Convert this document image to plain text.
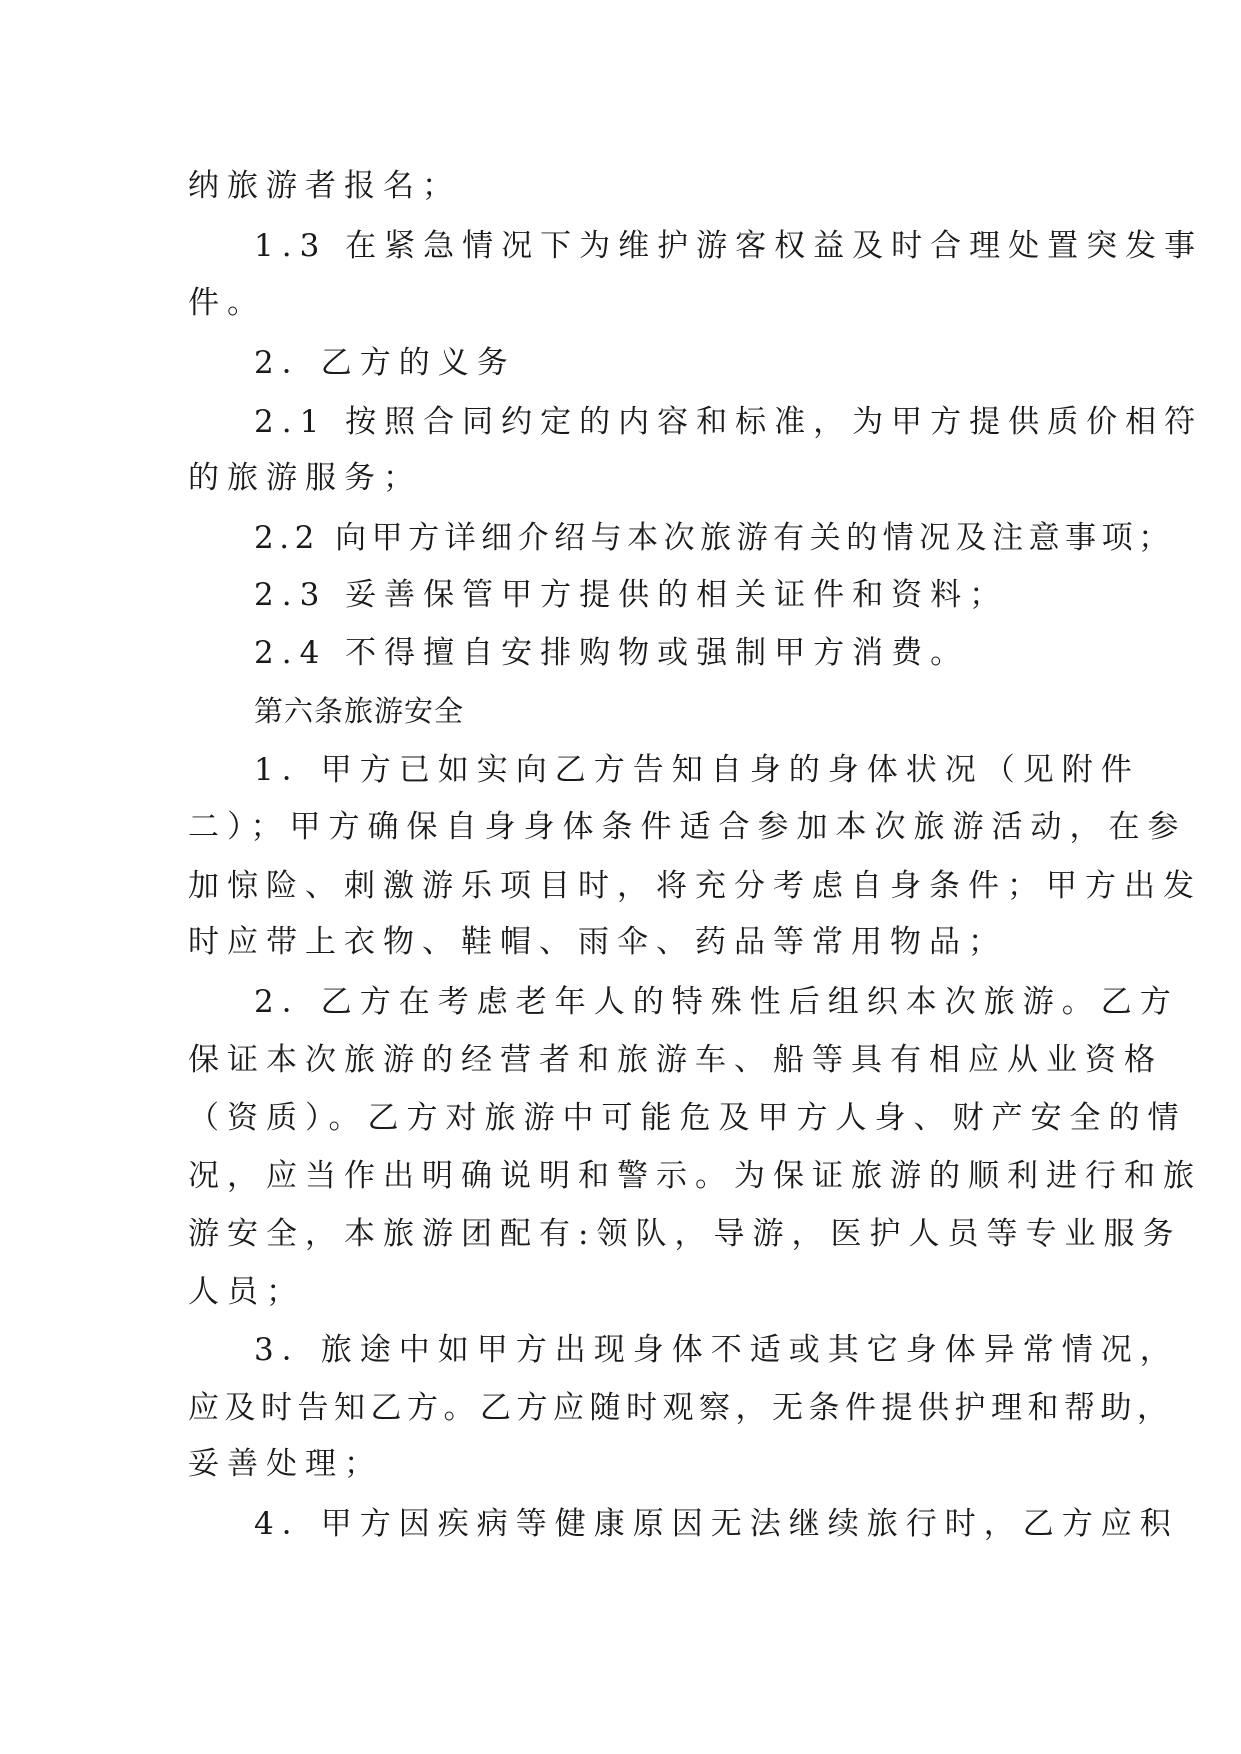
纳旅游者报名；
1.3 在紧急情况下为维护游客权益及时合理处置突发事
件。
2．乙方的义务
2.1 按照合同约定的内容和标准，为甲方提供质价相符
的旅游服务；
2.2 向甲方详细介绍与本次旅游有关的情况及注意事项；
2.3 妥善保管甲方提供的相关证件和资料；
2.4 不得擅自安排购物或强制甲方消费。
第六条旅游安全
1．甲方已如实向乙方告知自身的身体状况（见附件
二）；甲方确保自身身体条件适合参加本次旅游活动，在参
加惊险、刺激游乐项目时，将充分考虑自身条件；甲方出发
时应带上衣物、鞋帽、雨伞、药品等常用物品；
2．乙方在考虑老年人的特殊性后组织本次旅游。乙方
保证本次旅游的经营者和旅游车、船等具有相应从业资格
（资质）。乙方对旅游中可能危及甲方人身、财产安全的情
况，应当作出明确说明和警示。为保证旅游的顺利进行和旅
游安全，本旅游团配有:领队，导游，医护人员等专业服务
人员；
3．旅途中如甲方出现身体不适或其它身体异常情况，
应及时告知乙方。乙方应随时观察，无条件提供护理和帮助，
妥善处理；
4．甲方因疾病等健康原因无法继续旅行时，乙方应积
